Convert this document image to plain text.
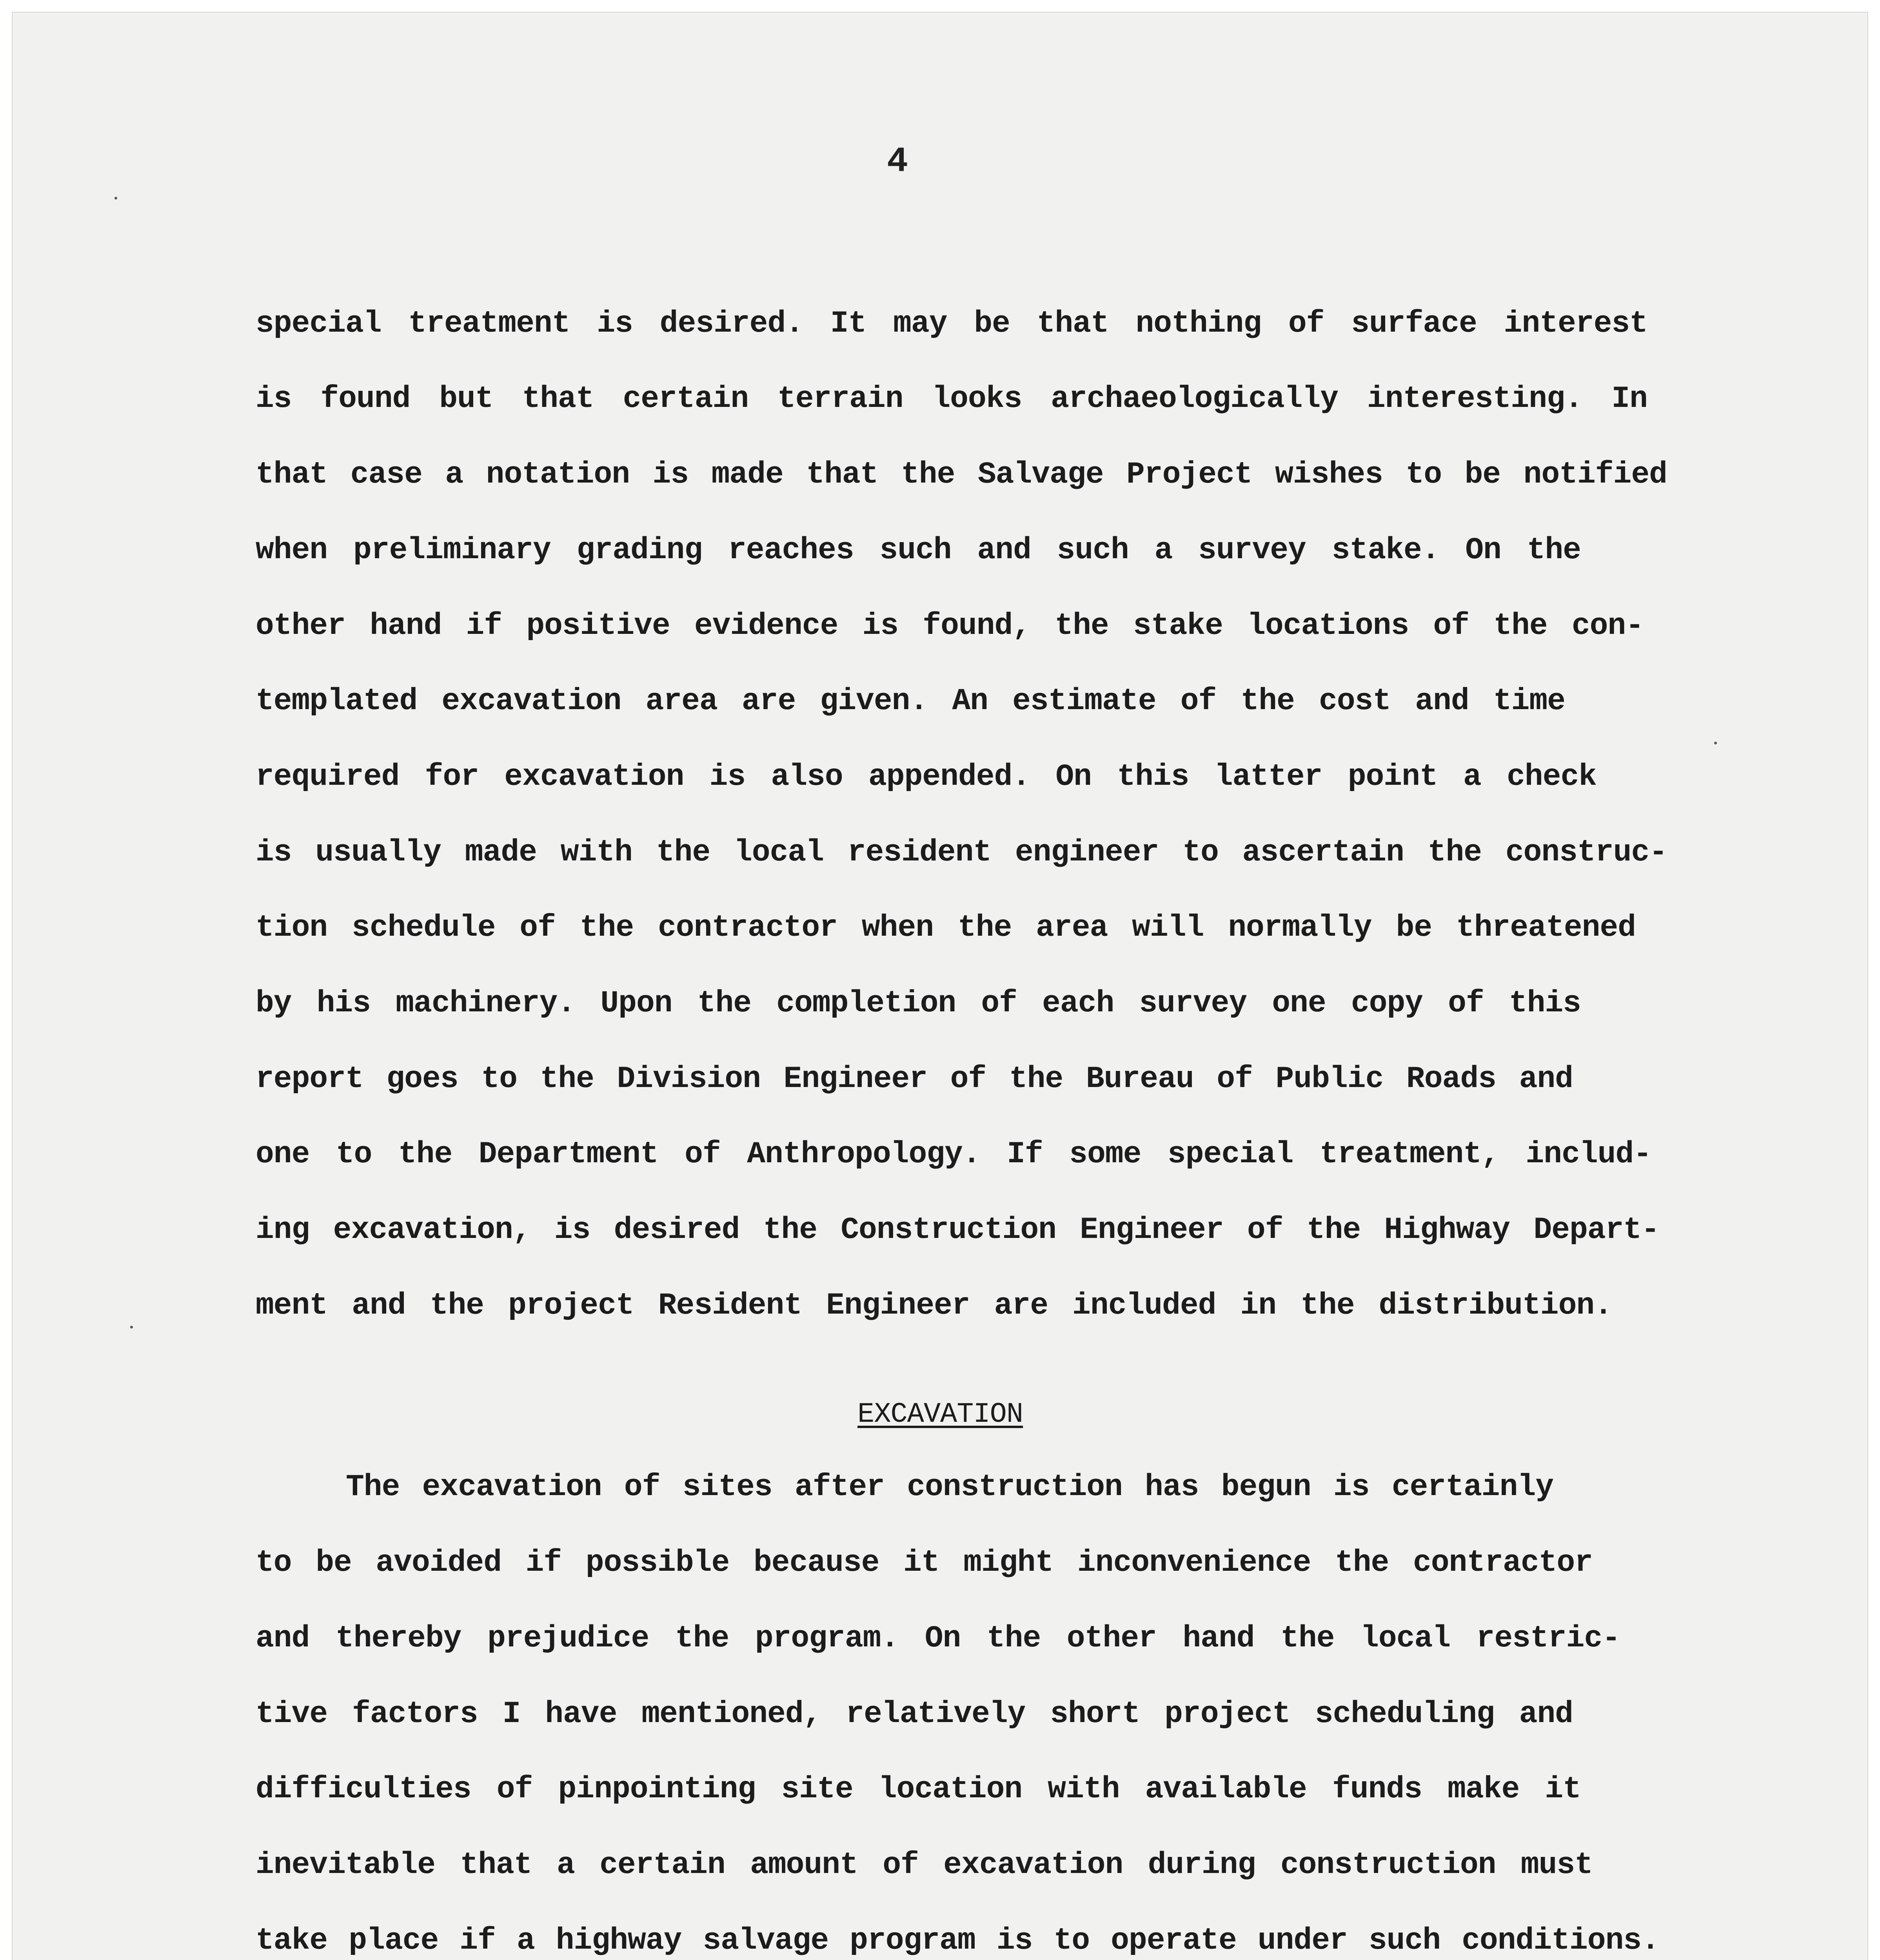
4
special treatment is desired. It may be that nothing of surface interest
is found but that certain terrain looks archaeologically interesting. In
that case a notation is made that the Salvage Project wishes to be notified
when preliminary grading reaches such and such a survey stake. On the
other hand if positive evidence is found, the stake locations of the con-
templated excavation area are given. An estimate of the cost and time
required for excavation is also appended. On this latter point a check
is usually made with the local resident engineer to ascertain the construc-
tion schedule of the contractor when the area will normally be threatened
by his machinery. Upon the completion of each survey one copy of this
report goes to the Division Engineer of the Bureau of Public Roads and
one to the Department of Anthropology. If some special treatment, includ-
ing excavation, is desired the Construction Engineer of the Highway Depart-
ment and the project Resident Engineer are included in the distribution.
EXCAVATION
The excavation of sites after construction has begun is certainly
to be avoided if possible because it might inconvenience the contractor
and thereby prejudice the program. On the other hand the local restric-
tive factors I have mentioned, relatively short project scheduling and
difficulties of pinpointing site location with available funds make it
inevitable that a certain amount of excavation during construction must
take place if a highway salvage program is to operate under such conditions.
